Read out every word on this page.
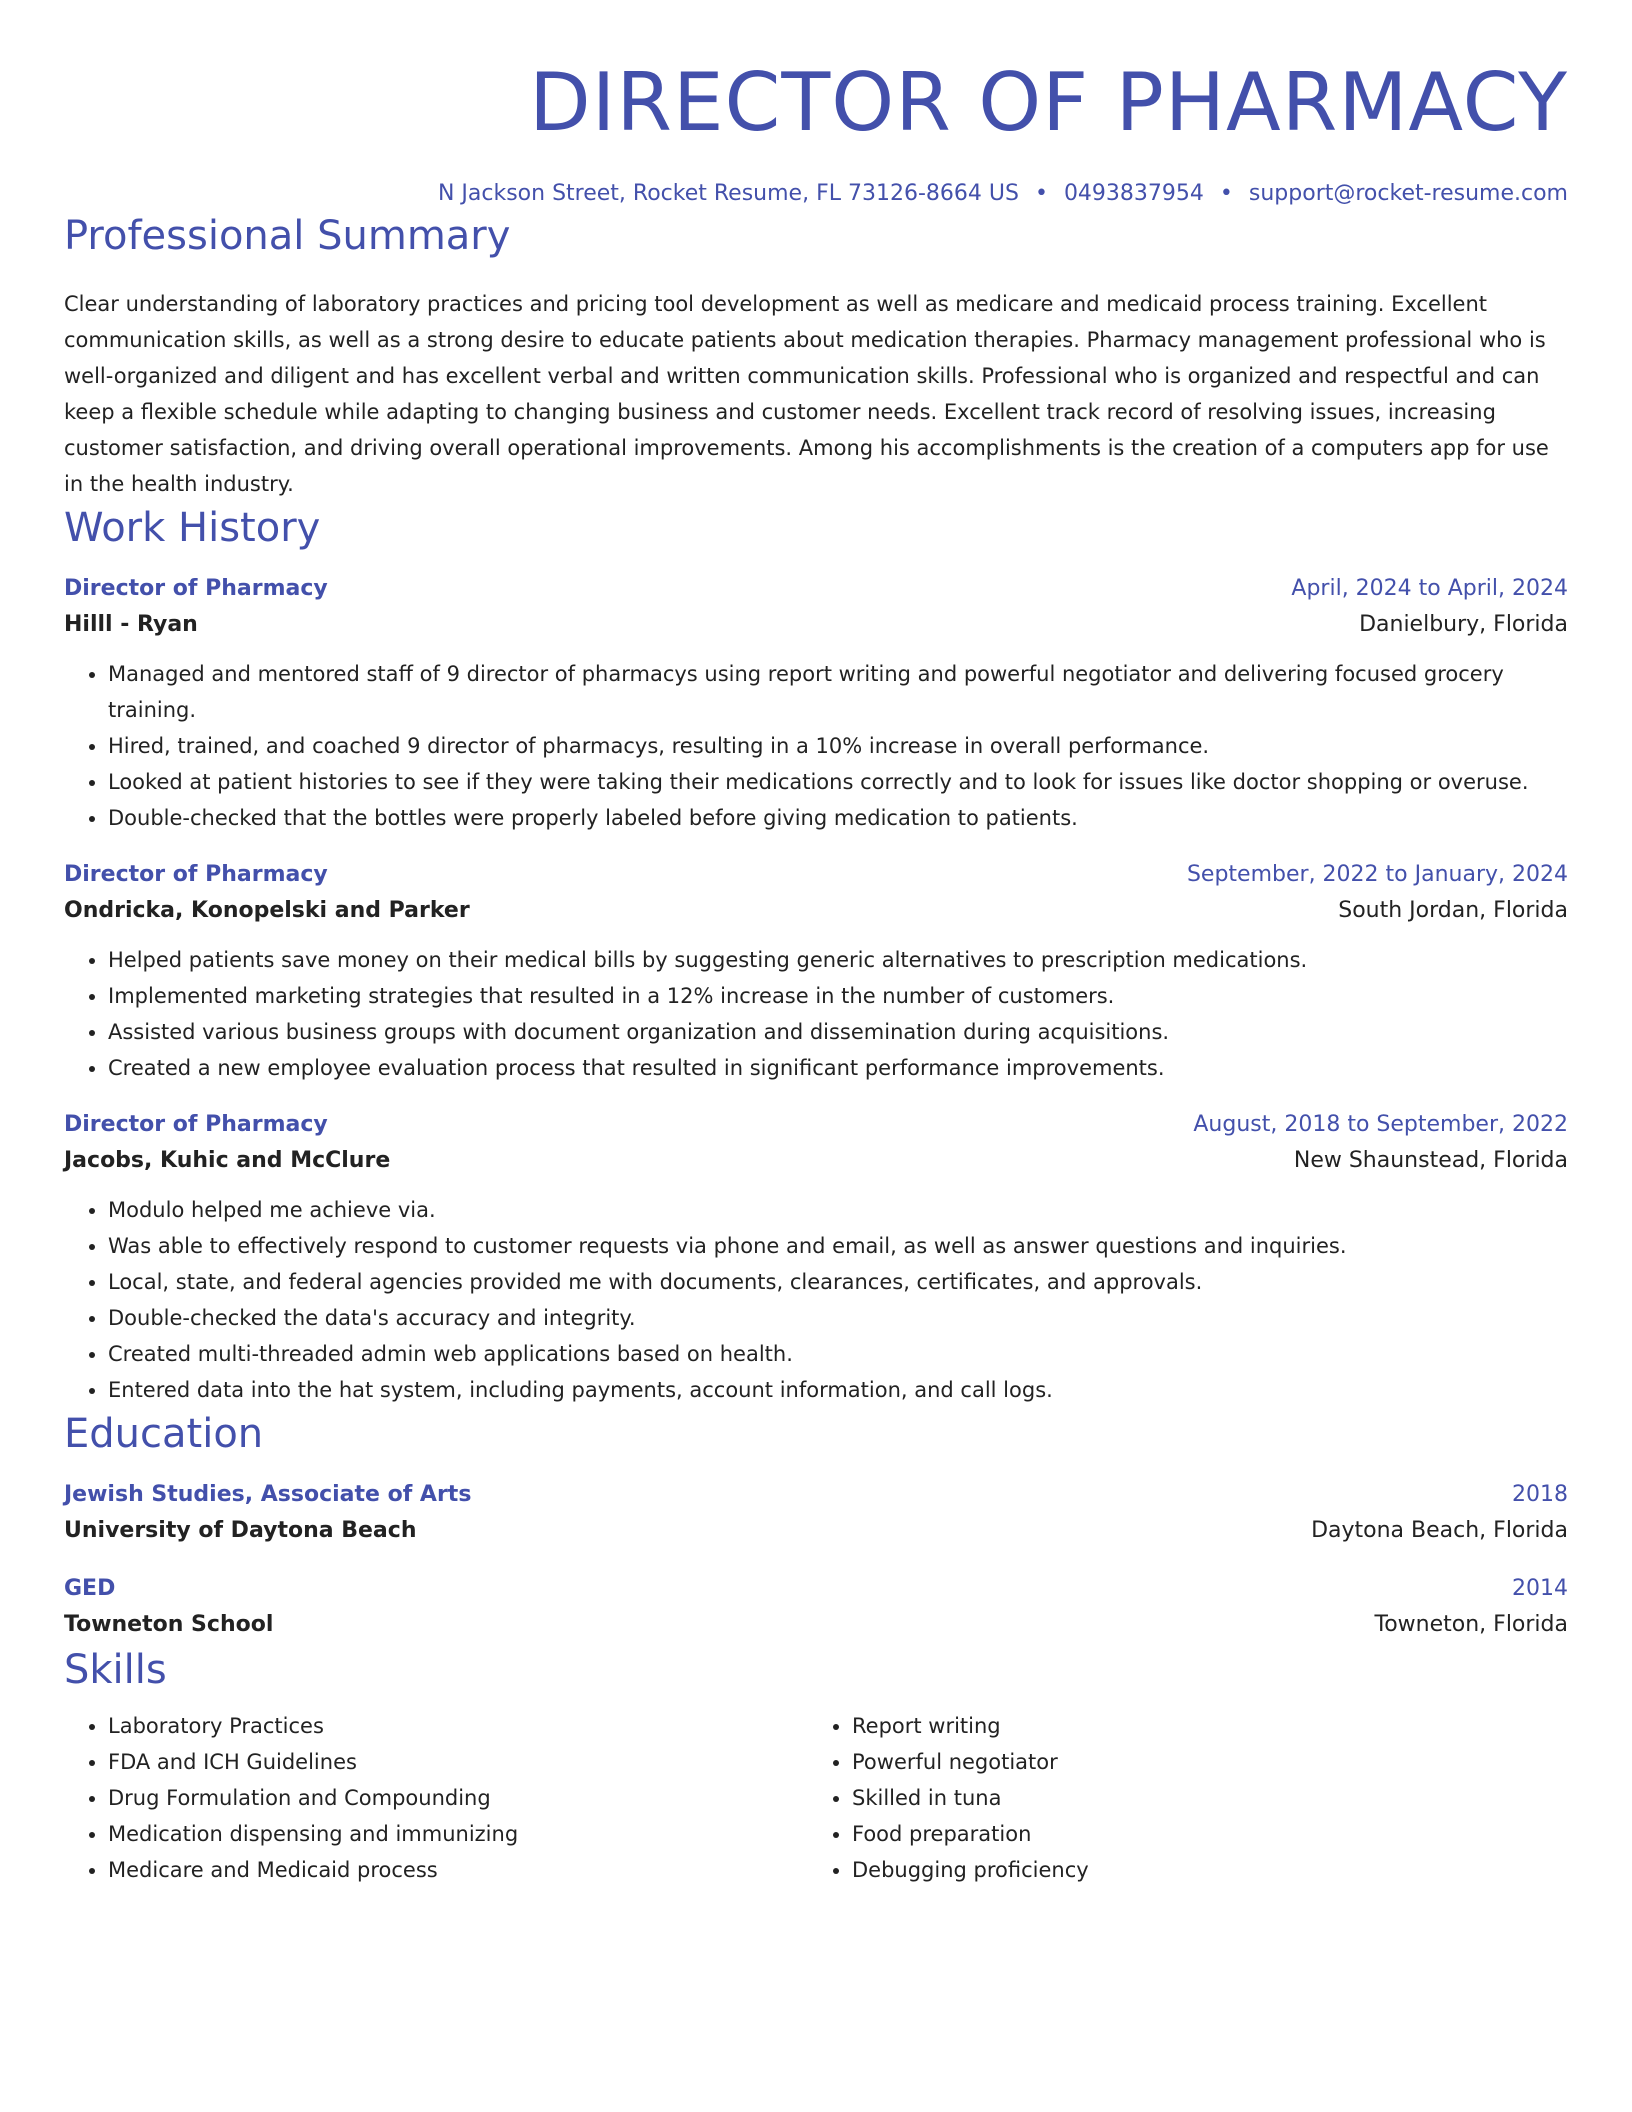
DIRECTOR OF PHARMACY
N Jackson Street, Rocket Resume, FL 73126-8664 US • 0493837954 • support@rocket-resume.com
Professional Summary

Clear understanding of laboratory practices and pricing tool development as well as medicare and medicaid process training. Excellent communication skills, as well as a strong desire to educate patients about medication therapies. Pharmacy management professional who is well-organized and diligent and has excellent verbal and written communication skills. Professional who is organized and respectful and can keep a flexible schedule while adapting to changing business and customer needs. Excellent track record of resolving issues, increasing customer satisfaction, and driving overall operational improvements. Among his accomplishments is the creation of a computers app for use in the health industry.

Work History
Director of Pharmacy	April, 2024 to April, 2024
Hilll - Ryan	Danielbury, Florida
• Managed and mentored staff of 9 director of pharmacys using report writing and powerful negotiator and delivering focused grocery training.
• Hired, trained, and coached 9 director of pharmacys, resulting in a 10% increase in overall performance.
• Looked at patient histories to see if they were taking their medications correctly and to look for issues like doctor shopping or overuse.
• Double-checked that the bottles were properly labeled before giving medication to patients.
Director of Pharmacy	September, 2022 to January, 2024
Ondricka, Konopelski and Parker	South Jordan, Florida
• Helped patients save money on their medical bills by suggesting generic alternatives to prescription medications.
• Implemented marketing strategies that resulted in a 12% increase in the number of customers.
• Assisted various business groups with document organization and dissemination during acquisitions.
• Created a new employee evaluation process that resulted in significant performance improvements.
Director of Pharmacy	August, 2018 to September, 2022
Jacobs, Kuhic and McClure	New Shaunstead, Florida
• Modulo helped me achieve via.
• Was able to effectively respond to customer requests via phone and email, as well as answer questions and inquiries.
• Local, state, and federal agencies provided me with documents, clearances, certificates, and approvals.
• Double-checked the data's accuracy and integrity.
• Created multi-threaded admin web applications based on health.
• Entered data into the hat system, including payments, account information, and call logs.
Education
Jewish Studies, Associate of Arts	2018
University of Daytona Beach	Daytona Beach, Florida
GED	2014
Towneton School	Towneton, Florida
Skills
• Laboratory Practices
• FDA and ICH Guidelines
• Drug Formulation and Compounding
• Medication dispensing and immunizing
• Medicare and Medicaid process
• Report writing
• Powerful negotiator
• Skilled in tuna
• Food preparation
• Debugging proficiency
